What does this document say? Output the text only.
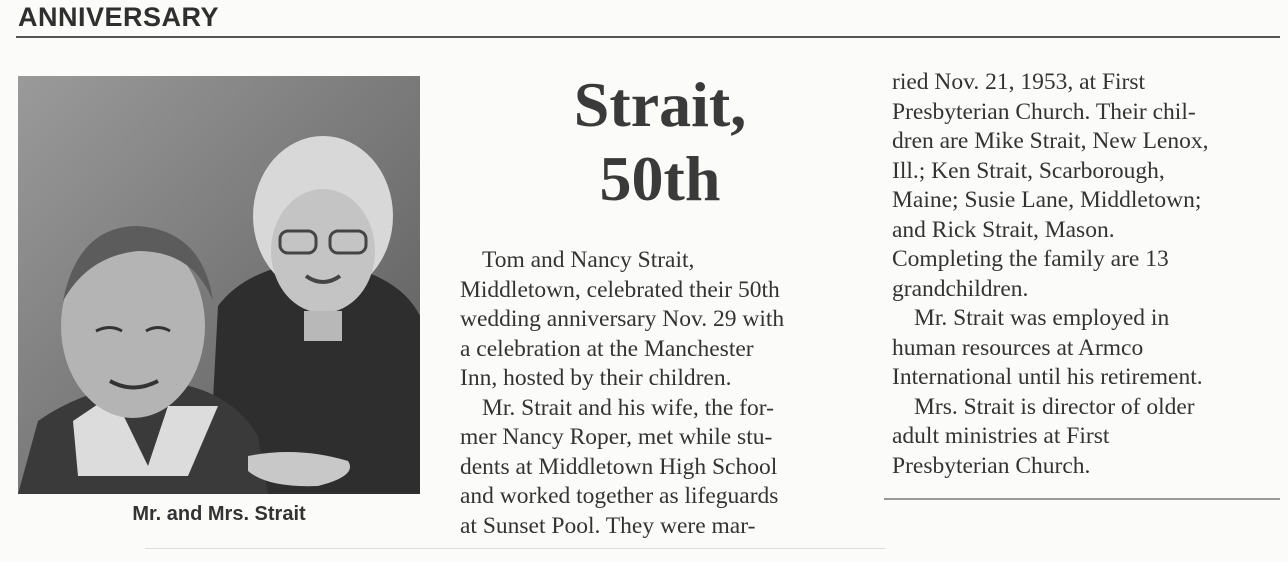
ANNIVERSARY
Mr. and Mrs. Strait
Strait,
50th

Tom and Nancy Strait,

Middletown, celebrated their 50th

wedding anniversary Nov. 29 with

a celebration at the Manchester

Inn, hosted by their children.

Mr. Strait and his wife, the for-

mer Nancy Roper, met while stu-

dents at Middletown High School

and worked together as lifeguards

at Sunset Pool. They were mar-

ried Nov. 21, 1953, at First

Presbyterian Church. Their chil-

dren are Mike Strait, New Lenox,

Ill.; Ken Strait, Scarborough,

Maine; Susie Lane, Middletown;

and Rick Strait, Mason.

Completing the family are 13

grandchildren.

Mr. Strait was employed in

human resources at Armco

International until his retirement.

Mrs. Strait is director of older

adult ministries at First

Presbyterian Church.
